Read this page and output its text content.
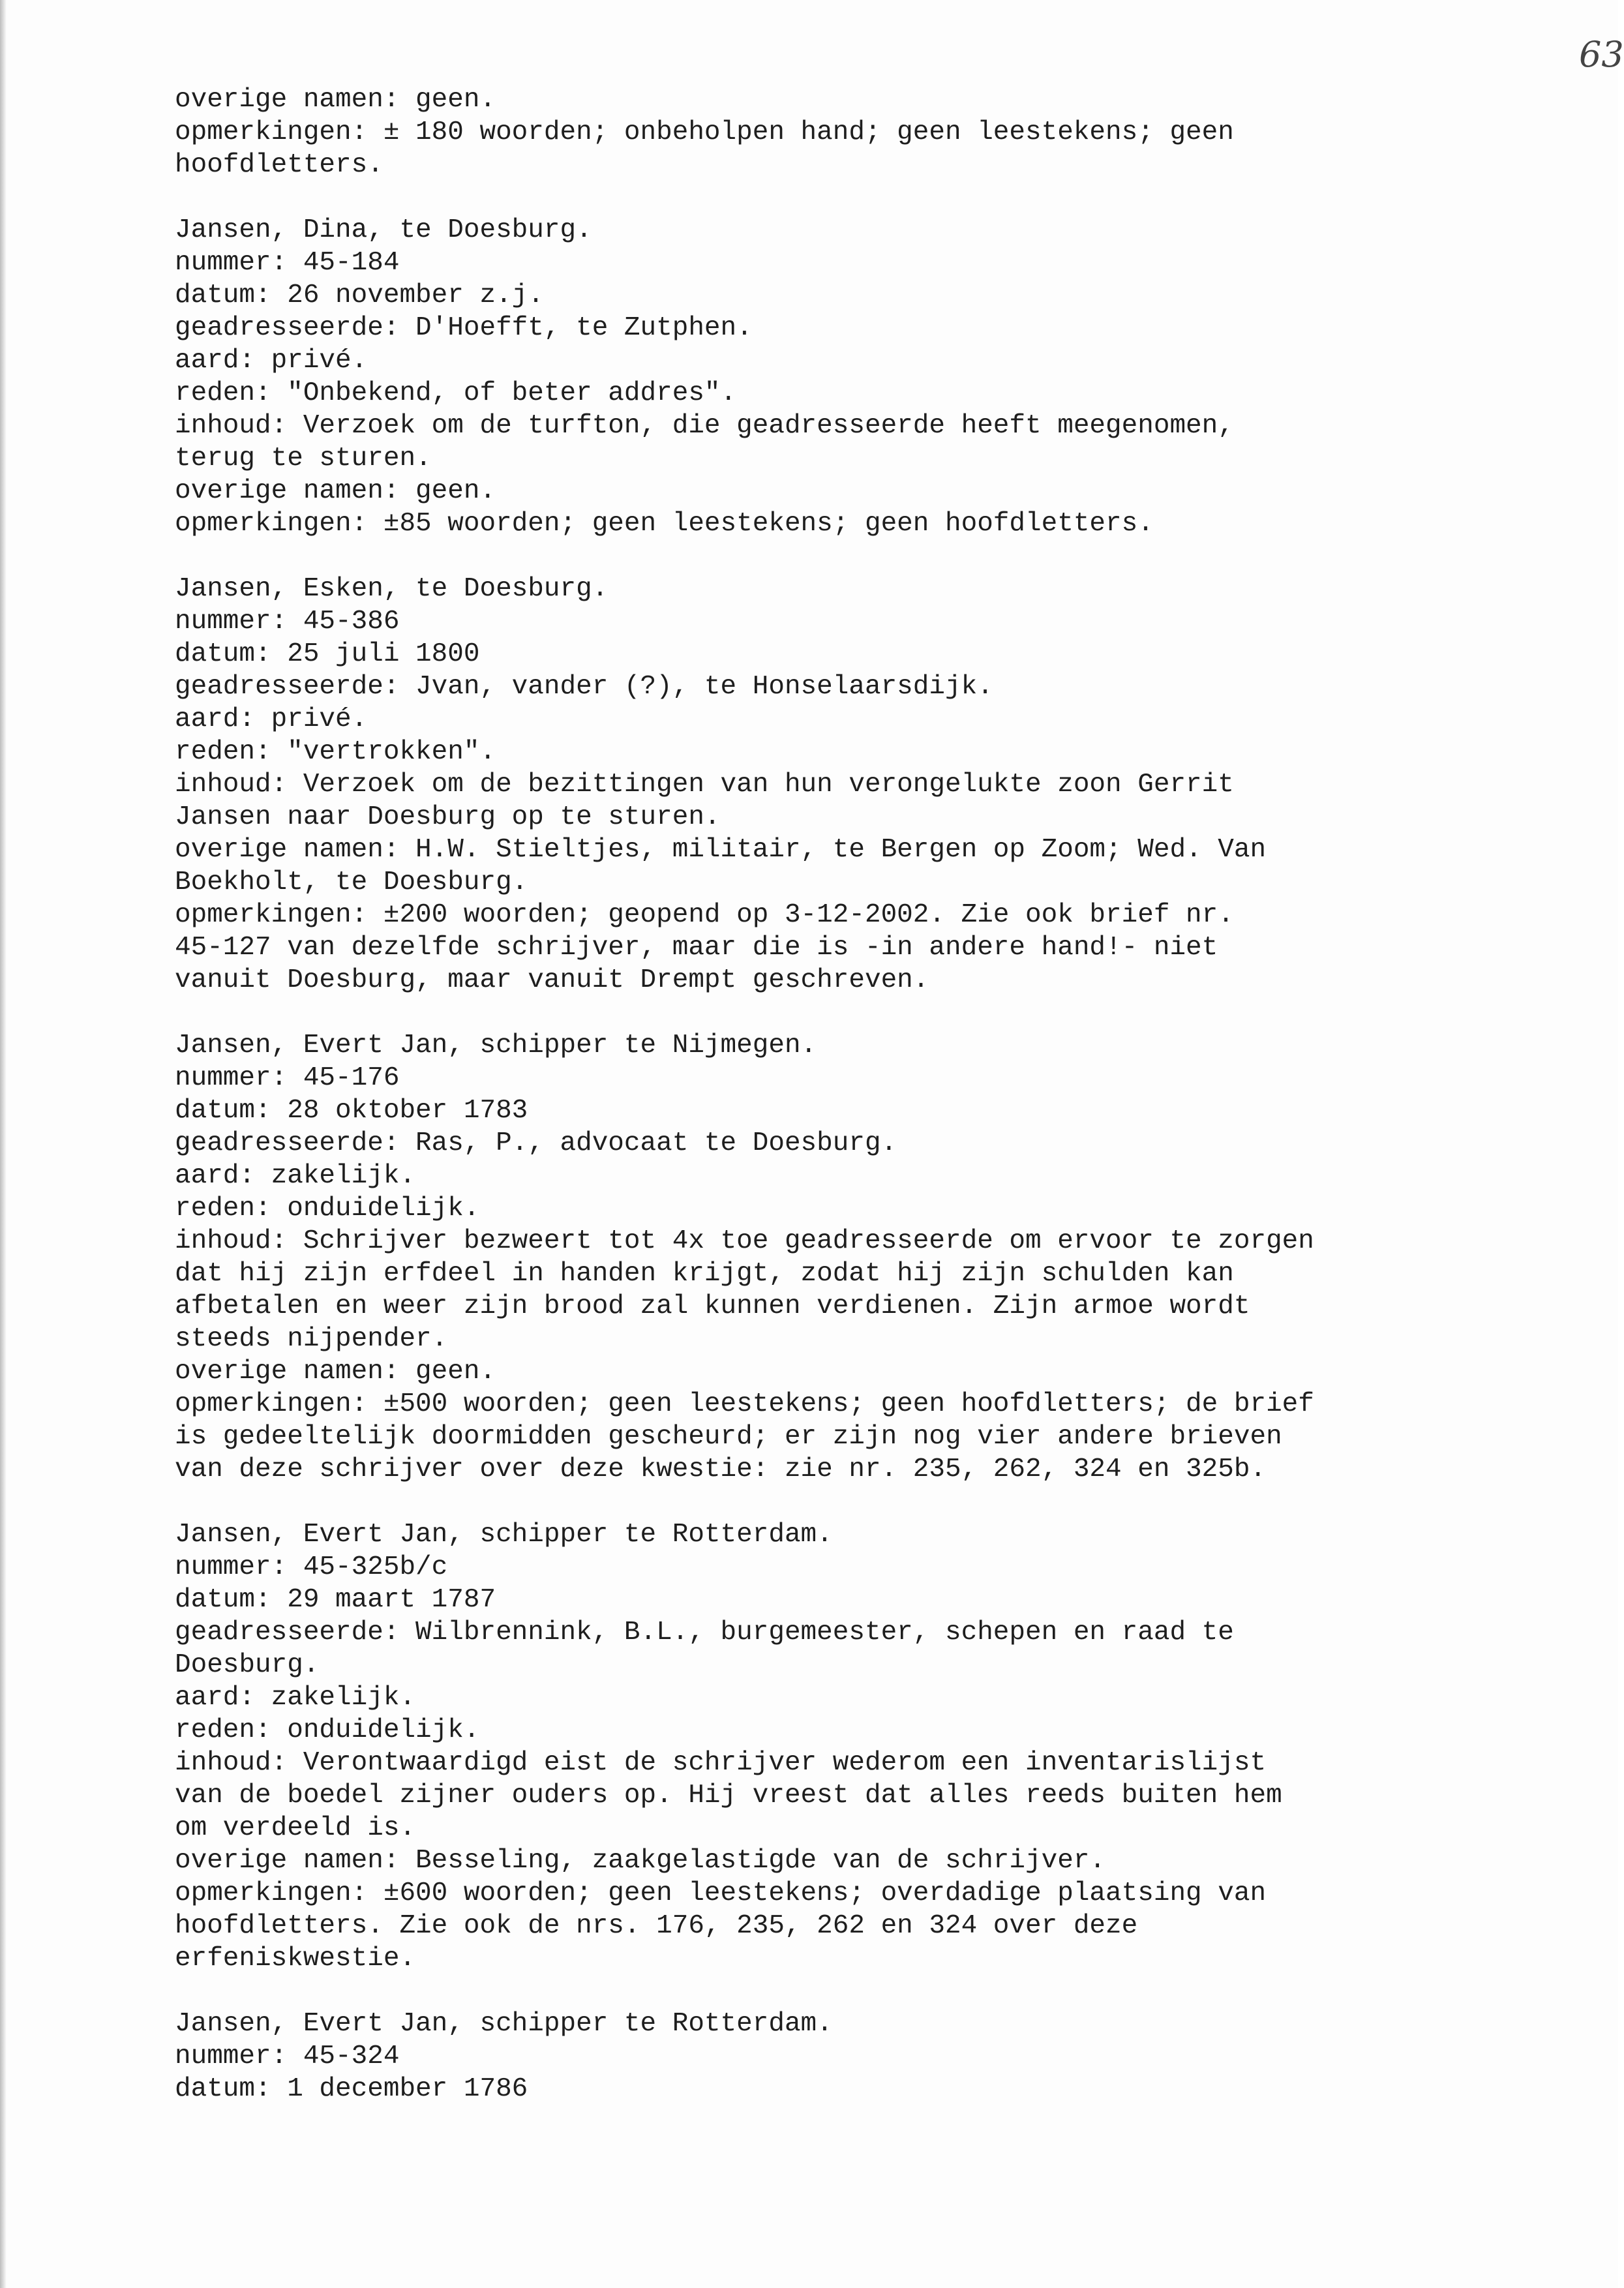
63
overige namen: geen.
opmerkingen: ± 180 woorden; onbeholpen hand; geen leestekens; geen
hoofdletters.
Jansen, Dina, te Doesburg.
nummer: 45-184
datum: 26 november z.j.
geadresseerde: D'Hoefft, te Zutphen.
aard: privé.
reden: "Onbekend, of beter addres".
inhoud: Verzoek om de turfton, die geadresseerde heeft meegenomen,
terug te sturen.
overige namen: geen.
opmerkingen: ±85 woorden; geen leestekens; geen hoofdletters.
Jansen, Esken, te Doesburg.
nummer: 45-386
datum: 25 juli 1800
geadresseerde: Jvan, vander (?), te Honselaarsdijk.
aard: privé.
reden: "vertrokken".
inhoud: Verzoek om de bezittingen van hun verongelukte zoon Gerrit
Jansen naar Doesburg op te sturen.
overige namen: H.W. Stieltjes, militair, te Bergen op Zoom; Wed. Van
Boekholt, te Doesburg.
opmerkingen: ±200 woorden; geopend op 3-12-2002. Zie ook brief nr.
45-127 van dezelfde schrijver, maar die is -in andere hand!- niet
vanuit Doesburg, maar vanuit Drempt geschreven.
Jansen, Evert Jan, schipper te Nijmegen.
nummer: 45-176
datum: 28 oktober 1783
geadresseerde: Ras, P., advocaat te Doesburg.
aard: zakelijk.
reden: onduidelijk.
inhoud: Schrijver bezweert tot 4x toe geadresseerde om ervoor te zorgen
dat hij zijn erfdeel in handen krijgt, zodat hij zijn schulden kan
afbetalen en weer zijn brood zal kunnen verdienen. Zijn armoe wordt
steeds nijpender.
overige namen: geen.
opmerkingen: ±500 woorden; geen leestekens; geen hoofdletters; de brief
is gedeeltelijk doormidden gescheurd; er zijn nog vier andere brieven
van deze schrijver over deze kwestie: zie nr. 235, 262, 324 en 325b.
Jansen, Evert Jan, schipper te Rotterdam.
nummer: 45-325b/c
datum: 29 maart 1787
geadresseerde: Wilbrennink, B.L., burgemeester, schepen en raad te
Doesburg.
aard: zakelijk.
reden: onduidelijk.
inhoud: Verontwaardigd eist de schrijver wederom een inventarislijst
van de boedel zijner ouders op. Hij vreest dat alles reeds buiten hem
om verdeeld is.
overige namen: Besseling, zaakgelastigde van de schrijver.
opmerkingen: ±600 woorden; geen leestekens; overdadige plaatsing van
hoofdletters. Zie ook de nrs. 176, 235, 262 en 324 over deze
erfeniskwestie.
Jansen, Evert Jan, schipper te Rotterdam.
nummer: 45-324
datum: 1 december 1786
